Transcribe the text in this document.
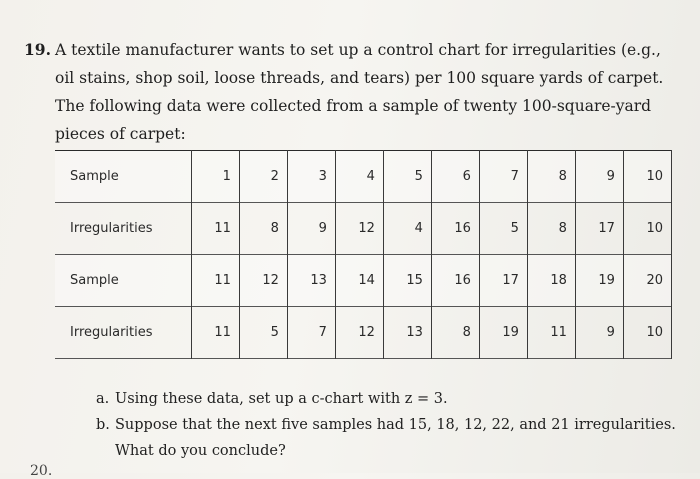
19. A textile manufacturer wants to set up a control chart for irregularities (e.g., oil stains, shop soil, loose threads, and tears) per 100 square yards of carpet. The following data were collected from a sample of twenty 100-square-yard pieces of carpet:
Sample	1	2	3	4	5	6	7	8	9	10
Irregularities	11	8	9	12	4	16	5	8	17	10
Sample	11	12	13	14	15	16	17	18	19	20
Irregularities	11	5	7	12	13	8	19	11	9	10
a. Using these data, set up a c-chart with z = 3.
b. Suppose that the next five samples had 15, 18, 12, 22, and 21 irregularities. What do you conclude?
20.
